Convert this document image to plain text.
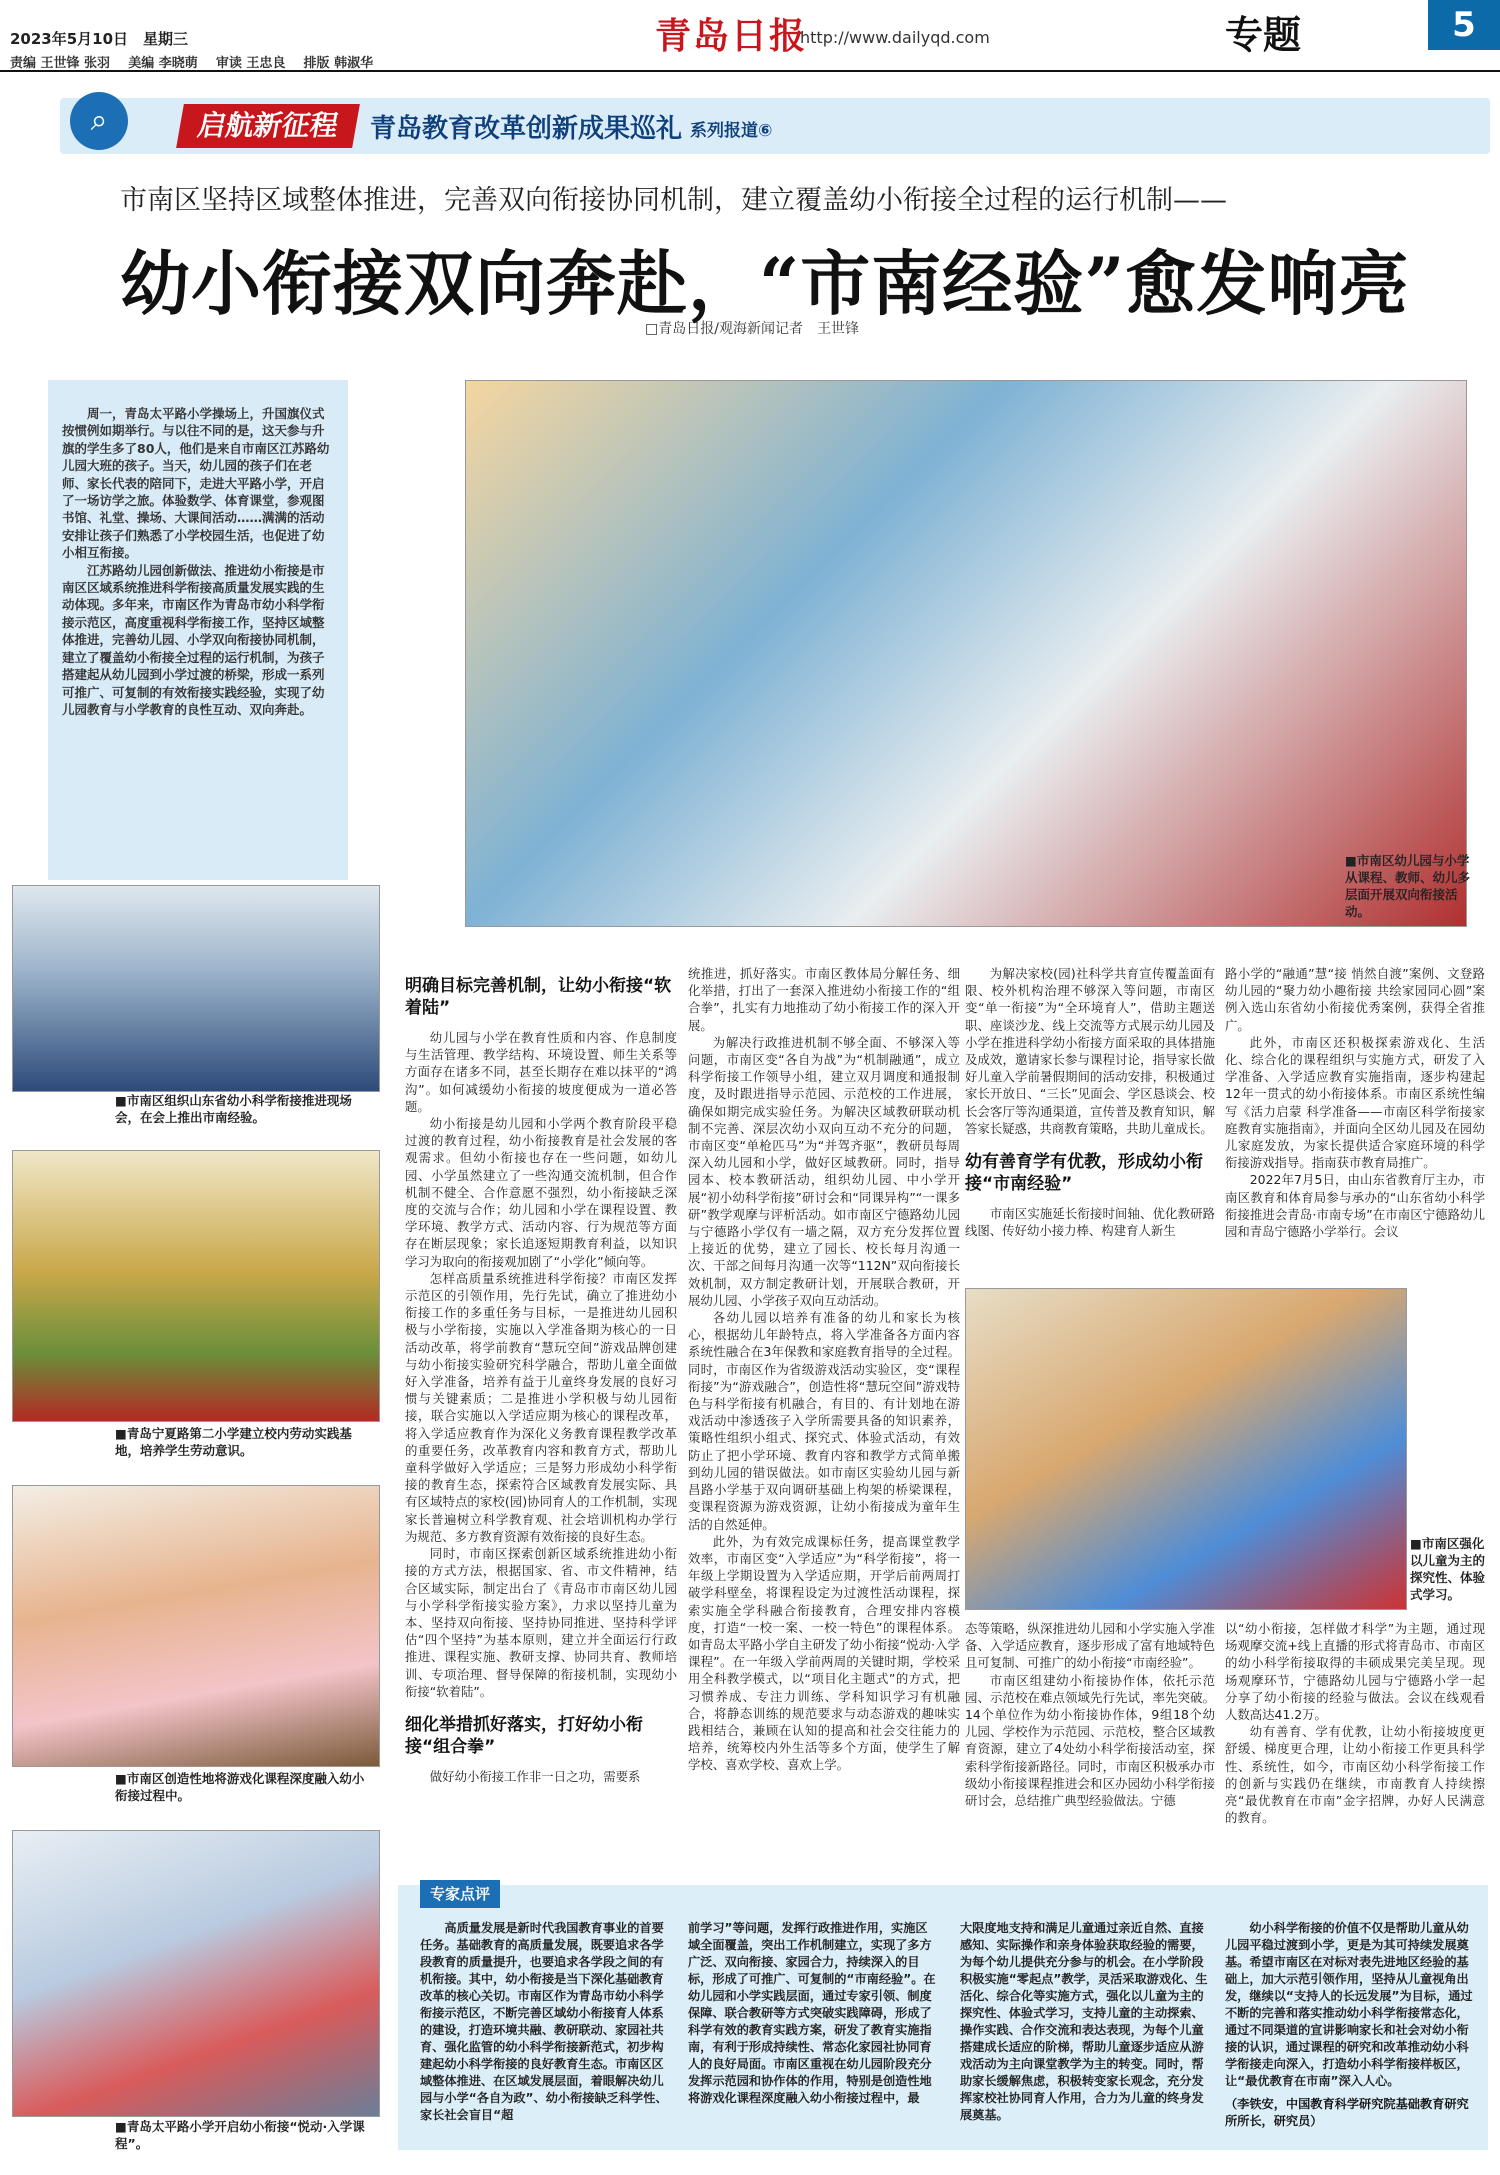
2023年5月10日　星期三
责编 王世锋 张羽 美编 李晓萌 审读 王忠良 排版 韩淑华
青岛日报
http://www.dailyqd.com	专题	5
⌕	启航新征程	青岛教育改革创新成果巡礼 系列报道⑥
市南区坚持区域整体推进，完善双向衔接协同机制，建立覆盖幼小衔接全过程的运行机制——
幼小衔接双向奔赴，“市南经验”愈发响亮
□青岛日报/观海新闻记者　王世锋

周一，青岛太平路小学操场上，升国旗仪式按惯例如期举行。与以往不同的是，这天参与升旗的学生多了80人，他们是来自市南区江苏路幼儿园大班的孩子。当天，幼儿园的孩子们在老师、家长代表的陪同下，走进大平路小学，开启了一场访学之旅。体验数学、体育课堂，参观图书馆、礼堂、操场、大课间活动……满满的活动安排让孩子们熟悉了小学校园生活，也促进了幼小相互衔接。

江苏路幼儿园创新做法、推进幼小衔接是市南区区域系统推进科学衔接高质量发展实践的生动体现。多年来，市南区作为青岛市幼小科学衔接示范区，高度重视科学衔接工作，坚持区域整体推进，完善幼儿园、小学双向衔接协同机制，建立了覆盖幼小衔接全过程的运行机制，为孩子搭建起从幼儿园到小学过渡的桥梁，形成一系列可推广、可复制的有效衔接实践经验，实现了幼儿园教育与小学教育的良性互动、双向奔赴。

■ 市南区组织山东省幼小科学衔接推进现场会，在会上推出市南经验。
■ 青岛宁夏路第二小学建立校内劳动实践基地，培养学生劳动意识。
■ 市南区创造性地将游戏化课程深度融入幼小衔接过程中。
■ 青岛太平路小学开启幼小衔接“悦动·入学课程”。
■ 市南区幼儿园与小学从课程、教师、幼儿多层面开展双向衔接活动。
明确目标完善机制，让幼小衔接“软着陆”

幼儿园与小学在教育性质和内容、作息制度与生活管理、教学结构、环境设置、师生关系等方面存在诸多不同，甚至长期存在难以抹平的“鸿沟”。如何减缓幼小衔接的坡度便成为一道必答题。

幼小衔接是幼儿园和小学两个教育阶段平稳过渡的教育过程，幼小衔接教育是社会发展的客观需求。但幼小衔接也存在一些问题，如幼儿园、小学虽然建立了一些沟通交流机制，但合作机制不健全、合作意愿不强烈，幼小衔接缺乏深度的交流与合作；幼儿园和小学在课程设置、教学环境、教学方式、活动内容、行为规范等方面存在断层现象；家长追逐短期教育利益，以知识学习为取向的衔接观加剧了“小学化”倾向等。

怎样高质量系统推进科学衔接？市南区发挥示范区的引领作用，先行先试，确立了推进幼小衔接工作的多重任务与目标，一是推进幼儿园积极与小学衔接，实施以入学准备期为核心的一日活动改革，将学前教育“慧玩空间”游戏品牌创建与幼小衔接实验研究科学融合，帮助儿童全面做好入学准备，培养有益于儿童终身发展的良好习惯与关键素质；二是推进小学积极与幼儿园衔接，联合实施以入学适应期为核心的课程改革，将入学适应教育作为深化义务教育课程教学改革的重要任务，改革教育内容和教育方式，帮助儿童科学做好入学适应；三是努力形成幼小科学衔接的教育生态，探索符合区域教育发展实际、具有区域特点的家校(园)协同育人的工作机制，实现家长普遍树立科学教育观、社会培训机构办学行为规范、多方教育资源有效衔接的良好生态。

同时，市南区探索创新区域系统推进幼小衔接的方式方法，根据国家、省、市文件精神，结合区域实际，制定出台了《青岛市市南区幼儿园与小学科学衔接实验方案》，力求以坚持儿童为本、坚持双向衔接、坚持协同推进、坚持科学评估“四个坚持”为基本原则，建立并全面运行行政推进、课程实施、教研支撑、协同共育、教师培训、专项治理、督导保障的衔接机制，实现幼小衔接“软着陆”。

细化举措抓好落实，打好幼小衔接“组合拳”

做好幼小衔接工作非一日之功，需要系

统推进，抓好落实。市南区教体局分解任务、细化举措，打出了一套深入推进幼小衔接工作的“组合拳”，扎实有力地推动了幼小衔接工作的深入开展。

为解决行政推进机制不够全面、不够深入等问题，市南区变“各自为战”为“机制融通”，成立科学衔接工作领导小组，建立双月调度和通报制度，及时跟进指导示范园、示范校的工作进展，确保如期完成实验任务。为解决区域教研联动机制不完善、深层次幼小双向互动不充分的问题，市南区变“单枪匹马”为“并驾齐驱”，教研员每周深入幼儿园和小学，做好区域教研。同时，指导园本、校本教研活动，组织幼儿园、中小学开展“初小幼科学衔接”研讨会和“同课异构”“一课多研”教学观摩与评析活动。如市南区宁德路幼儿园与宁德路小学仅有一墙之隔，双方充分发挥位置上接近的优势，建立了园长、校长每月沟通一次、干部之间每月沟通一次等“112N”双向衔接长效机制，双方制定教研计划，开展联合教研，开展幼儿园、小学孩子双向互动活动。

各幼儿园以培养有准备的幼儿和家长为核心，根据幼儿年龄特点，将入学准备各方面内容系统性融合在3年保教和家庭教育指导的全过程。同时，市南区作为省级游戏活动实验区，变“课程衔接”为“游戏融合”，创造性将“慧玩空间”游戏特色与科学衔接有机融合，有目的、有计划地在游戏活动中渗透孩子入学所需要具备的知识素养，策略性组织小组式、探究式、体验式活动，有效防止了把小学环境、教育内容和教学方式简单搬到幼儿园的错误做法。如市南区实验幼儿园与新昌路小学基于双向调研基础上构架的桥梁课程，变课程资源为游戏资源，让幼小衔接成为童年生活的自然延伸。

此外，为有效完成课标任务，提高课堂教学效率，市南区变“入学适应”为“科学衔接”，将一年级上学期设置为入学适应期，开学后前两周打破学科壁垒，将课程设定为过渡性活动课程，探索实施全学科融合衔接教育，合理安排内容模度，打造“一校一案、一校一特色”的课程体系。如青岛太平路小学自主研发了幼小衔接“悦动·入学课程”。在一年级入学前两周的关键时期，学校采用全科教学模式，以“项目化主题式”的方式，把习惯养成、专注力训练、学科知识学习有机融合，将静态训练的规范要求与动态游戏的趣味实践相结合，兼顾在认知的提高和社会交往能力的培养，统筹校内外生活等多个方面，使学生了解学校、喜欢学校、喜欢上学。

为解决家校(园)社科学共育宣传覆盖面有限、校外机构治理不够深入等问题，市南区变“单一衔接”为“全环境育人”，借助主题送职、座谈沙龙、线上交流等方式展示幼儿园及小学在推进科学幼小衔接方面采取的具体措施及成效，邀请家长参与课程讨论，指导家长做好儿童入学前暑假期间的活动安排，积极通过家长开放日、“三长”见面会、学区恳谈会、校长会客厅等沟通渠道，宣传普及教育知识，解答家长疑惑，共商教育策略，共助儿童成长。

幼有善育学有优教，形成幼小衔接“市南经验”

市南区实施延长衔接时间轴、优化教研路线图、传好幼小接力棒、构建育人新生

路小学的“融通”慧“接 悄然自渡”案例、文登路幼儿园的“聚力幼小趣衔接 共绘家园同心圆”案例入选山东省幼小衔接优秀案例，获得全省推广。

此外，市南区还积极探索游戏化、生活化、综合化的课程组织与实施方式，研发了入学准备、入学适应教育实施指南，逐步构建起12年一贯式的幼小衔接体系。市南区系统性编写《活力启蒙 科学准备——市南区科学衔接家庭教育实施指南》，并面向全区幼儿园及在园幼儿家庭发放，为家长提供适合家庭环境的科学衔接游戏指导。指南获市教育局推广。

2022年7月5日，由山东省教育厅主办，市南区教育和体育局参与承办的“山东省幼小科学衔接推进会青岛·市南专场”在市南区宁德路幼儿园和青岛宁德路小学举行。会议

■ 市南区强化以儿童为主的探究性、体验式学习。

态等策略，纵深推进幼儿园和小学实施入学准备、入学适应教育，逐步形成了富有地域特色且可复制、可推广的幼小衔接“市南经验”。

市南区组建幼小衔接协作体，依托示范园、示范校在难点领域先行先试，率先突破。14个单位作为幼小衔接协作体，9组18个幼儿园、学校作为示范园、示范校，整合区域教育资源，建立了4处幼小科学衔接活动室，探索科学衔接新路径。同时，市南区积极承办市级幼小衔接课程推进会和区办园幼小科学衔接研讨会，总结推广典型经验做法。宁德

以“幼小衔接，怎样做才科学”为主题，通过现场观摩交流+线上直播的形式将青岛市、市南区的幼小科学衔接取得的丰硕成果完美呈现。现场观摩环节，宁德路幼儿园与宁德路小学一起分享了幼小衔接的经验与做法。会议在线观看人数高达41.2万。

幼有善育、学有优教，让幼小衔接坡度更舒缓、梯度更合理，让幼小衔接工作更具科学性、系统性，如今，市南区幼小科学衔接工作的创新与实践仍在继续，市南教育人持续擦亮“最优教育在市南”金字招牌，办好人民满意的教育。

专家点评

高质量发展是新时代我国教育事业的首要任务。基础教育的高质量发展，既要追求各学段教育的质量提升，也要追求各学段之间的有机衔接。其中，幼小衔接是当下深化基础教育改革的核心关切。市南区作为青岛市幼小科学衔接示范区，不断完善区域幼小衔接育人体系的建设，打造环境共融、教研联动、家园社共育、强化监管的幼小科学衔接新范式，初步构建起幼小科学衔接的良好教育生态。市南区区域整体推进、在区域发展层面，着眼解决幼儿园与小学“各自为政”、幼小衔接缺乏科学性、家长社会盲目“超

前学习”等问题，发挥行政推进作用，实施区域全面覆盖，突出工作机制建立，实现了多方广泛、双向衔接、家园合力，持续深入的目标，形成了可推广、可复制的“市南经验”。在幼儿园和小学实践层面，通过专家引领、制度保障、联合教研等方式突破实践障碍，形成了科学有效的教育实践方案，研发了教育实施指南，有利于形成持续性、常态化家园社协同育人的良好局面。市南区重视在幼儿园阶段充分发挥示范园和协作体的作用，特别是创造性地将游戏化课程深度融入幼小衔接过程中，最

大限度地支持和满足儿童通过亲近自然、直接感知、实际操作和亲身体验获取经验的需要，为每个幼儿提供充分参与的机会。在小学阶段积极实施“零起点”教学，灵活采取游戏化、生活化、综合化等实施方式，强化以儿童为主的探究性、体验式学习，支持儿童的主动探索、操作实践、合作交流和表达表现，为每个儿童搭建成长适应的阶梯，帮助儿童逐步适应从游戏活动为主向课堂教学为主的转变。同时，帮助家长缓解焦虑，积极转变家长观念，充分发挥家校社协同育人作用，合力为儿童的终身发展奠基。

幼小科学衔接的价值不仅是帮助儿童从幼儿园平稳过渡到小学，更是为其可持续发展奠基。希望市南区在对标对表先进地区经验的基础上，加大示范引领作用，坚持从儿童视角出发，继续以“支持人的长远发展”为目标，通过不断的完善和落实推动幼小科学衔接常态化，通过不同渠道的宣讲影响家长和社会对幼小衔接的认识，通过课程的研究和改革推动幼小科学衔接走向深入，打造幼小科学衔接样板区，让“最优教育在市南”深入人心。

（李铁安，中国教育科学研究院基础教育研究所所长，研究员）
